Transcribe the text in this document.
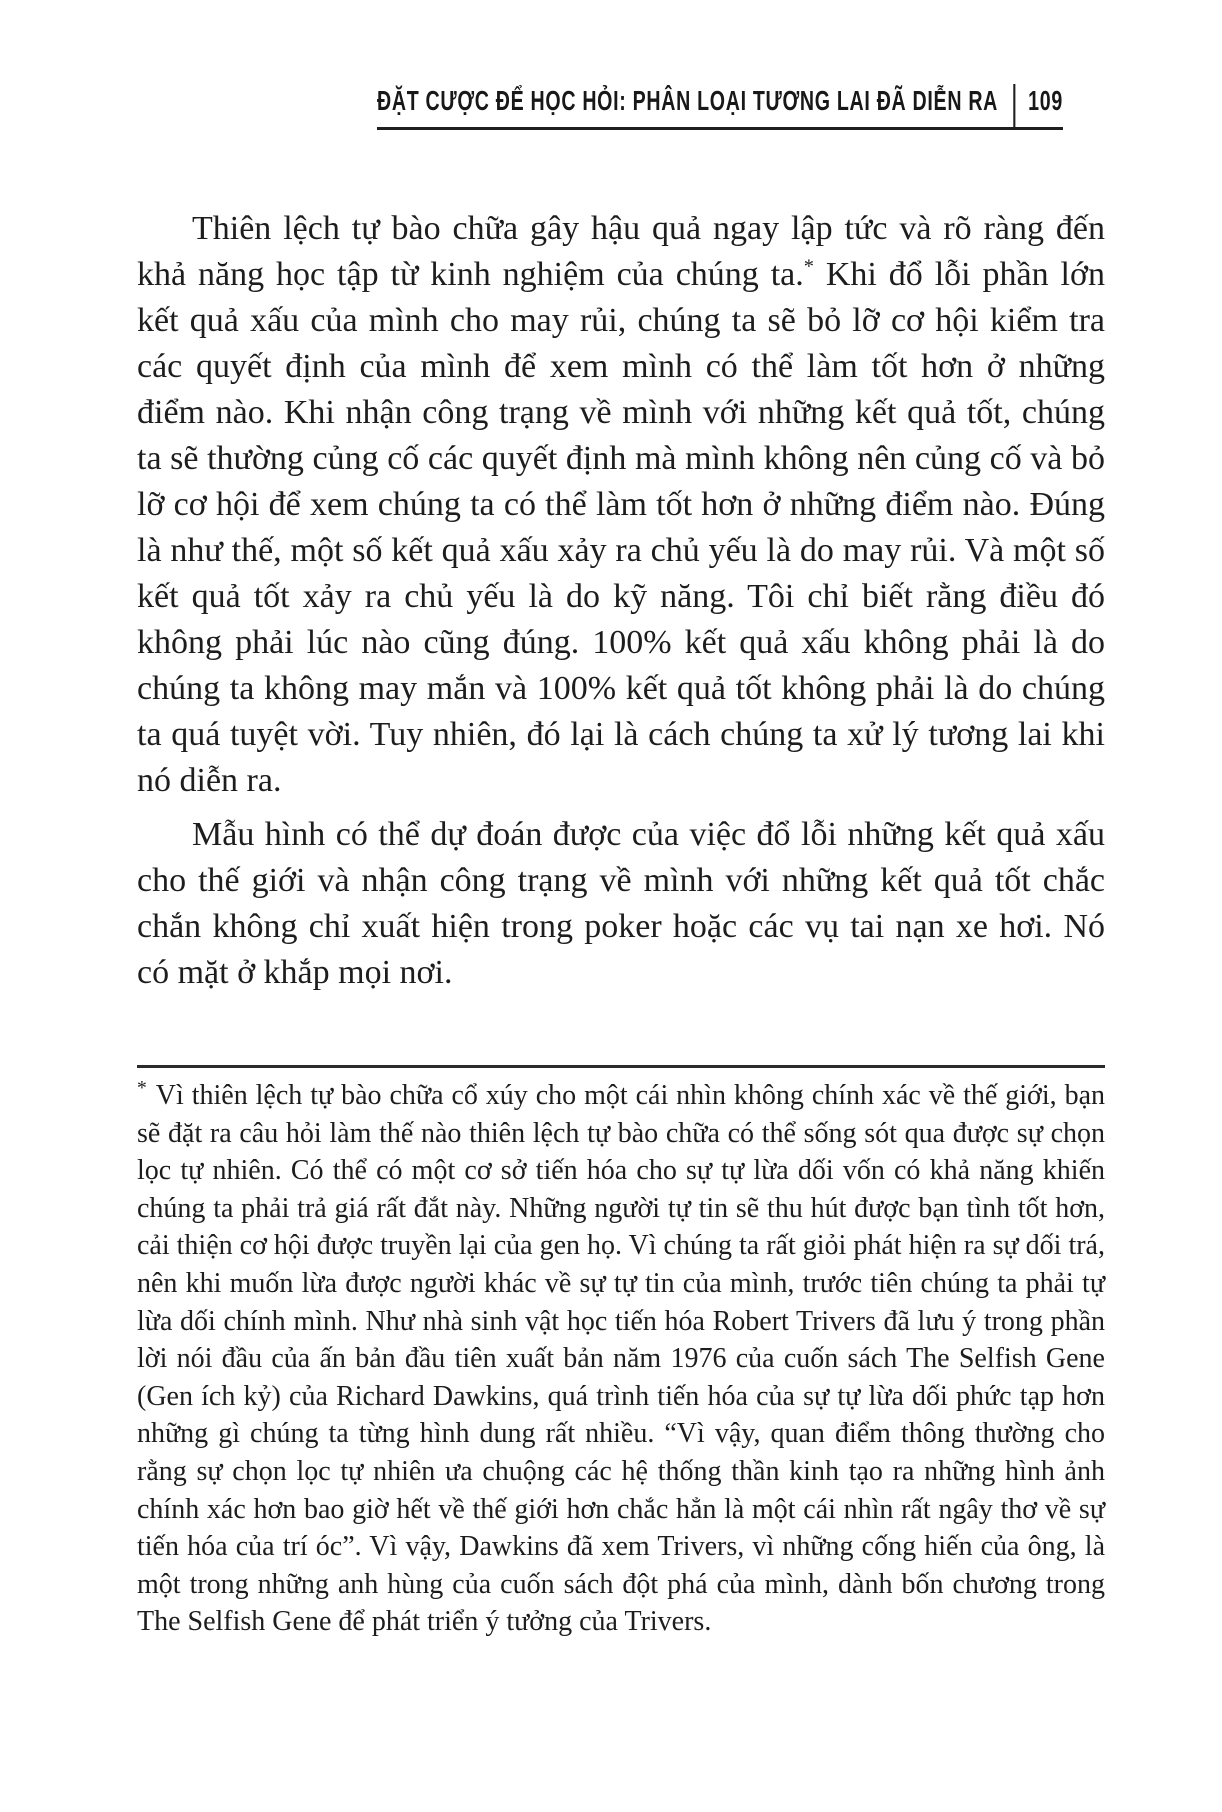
ĐẶT CƯỢC ĐỂ HỌC HỎI: PHÂN LOẠI TƯƠNG LAI ĐÃ DIỄN RA 109

Thiên lệch tự bào chữa gây hậu quả ngay lập tức và rõ ràng đến khả năng học tập từ kinh nghiệm của chúng ta.* Khi đổ lỗi phần lớn kết quả xấu của mình cho may rủi, chúng ta sẽ bỏ lỡ cơ hội kiểm tra các quyết định của mình để xem mình có thể làm tốt hơn ở những điểm nào. Khi nhận công trạng về mình với những kết quả tốt, chúng ta sẽ thường củng cố các quyết định mà mình không nên củng cố và bỏ lỡ cơ hội để xem chúng ta có thể làm tốt hơn ở những điểm nào. Đúng là như thế, một số kết quả xấu xảy ra chủ yếu là do may rủi. Và một số kết quả tốt xảy ra chủ yếu là do kỹ năng. Tôi chỉ biết rằng điều đó không phải lúc nào cũng đúng. 100% kết quả xấu không phải là do chúng ta không may mắn và 100% kết quả tốt không phải là do chúng ta quá tuyệt vời. Tuy nhiên, đó lại là cách chúng ta xử lý tương lai khi nó diễn ra.

Mẫu hình có thể dự đoán được của việc đổ lỗi những kết quả xấu cho thế giới và nhận công trạng về mình với những kết quả tốt chắc chắn không chỉ xuất hiện trong poker hoặc các vụ tai nạn xe hơi. Nó có mặt ở khắp mọi nơi.

* Vì thiên lệch tự bào chữa cổ xúy cho một cái nhìn không chính xác về thế giới, bạn sẽ đặt ra câu hỏi làm thế nào thiên lệch tự bào chữa có thể sống sót qua được sự chọn lọc tự nhiên. Có thể có một cơ sở tiến hóa cho sự tự lừa dối vốn có khả năng khiến chúng ta phải trả giá rất đắt này. Những người tự tin sẽ thu hút được bạn tình tốt hơn, cải thiện cơ hội được truyền lại của gen họ. Vì chúng ta rất giỏi phát hiện ra sự dối trá, nên khi muốn lừa được người khác về sự tự tin của mình, trước tiên chúng ta phải tự lừa dối chính mình. Như nhà sinh vật học tiến hóa Robert Trivers đã lưu ý trong phần lời nói đầu của ấn bản đầu tiên xuất bản năm 1976 của cuốn sách The Selfish Gene (Gen ích kỷ) của Richard Dawkins, quá trình tiến hóa của sự tự lừa dối phức tạp hơn những gì chúng ta từng hình dung rất nhiều. “Vì vậy, quan điểm thông thường cho rằng sự chọn lọc tự nhiên ưa chuộng các hệ thống thần kinh tạo ra những hình ảnh chính xác hơn bao giờ hết về thế giới hơn chắc hẳn là một cái nhìn rất ngây thơ về sự tiến hóa của trí óc”. Vì vậy, Dawkins đã xem Trivers, vì những cống hiến của ông, là một trong những anh hùng của cuốn sách đột phá của mình, dành bốn chương trong The Selfish Gene để phát triển ý tưởng của Trivers.
